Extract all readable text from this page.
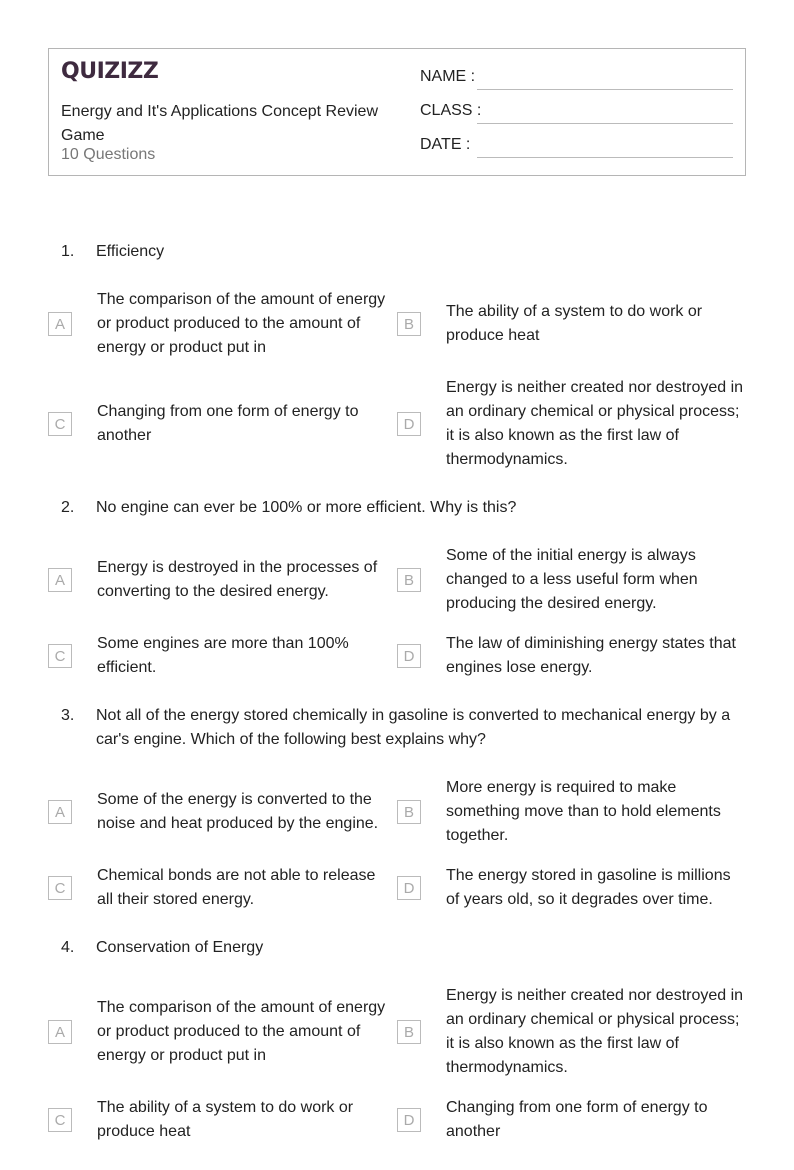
QUIZIZZ
Energy and It's Applications Concept Review Game
10 Questions
NAME :
CLASS :
DATE :
1.	Efficiency
A
The comparison of the amount of energy or product produced to the amount of energy or product put in
B
The ability of a system to do work or produce heat
C
Changing from one form of energy to another
D
Energy is neither created nor destroyed in an ordinary chemical or physical process; it is also known as the first law of thermodynamics.
2.	No engine can ever be 100% or more efficient. Why is this?
A
Energy is destroyed in the processes of converting to the desired energy.
B
Some of the initial energy is always changed to a less useful form when producing the desired energy.
C
Some engines are more than 100% efficient.
D
The law of diminishing energy states that engines lose energy.
3.	Not all of the energy stored chemically in gasoline is converted to mechanical energy by a car's engine. Which of the following best explains why?
A
Some of the energy is converted to the noise and heat produced by the engine.
B
More energy is required to make something move than to hold elements together.
C
Chemical bonds are not able to release all their stored energy.
D
The energy stored in gasoline is millions of years old, so it degrades over time.
4.	Conservation of Energy
A
The comparison of the amount of energy or product produced to the amount of energy or product put in
B
Energy is neither created nor destroyed in an ordinary chemical or physical process; it is also known as the first law of thermodynamics.
C
The ability of a system to do work or produce heat
D
Changing from one form of energy to another
